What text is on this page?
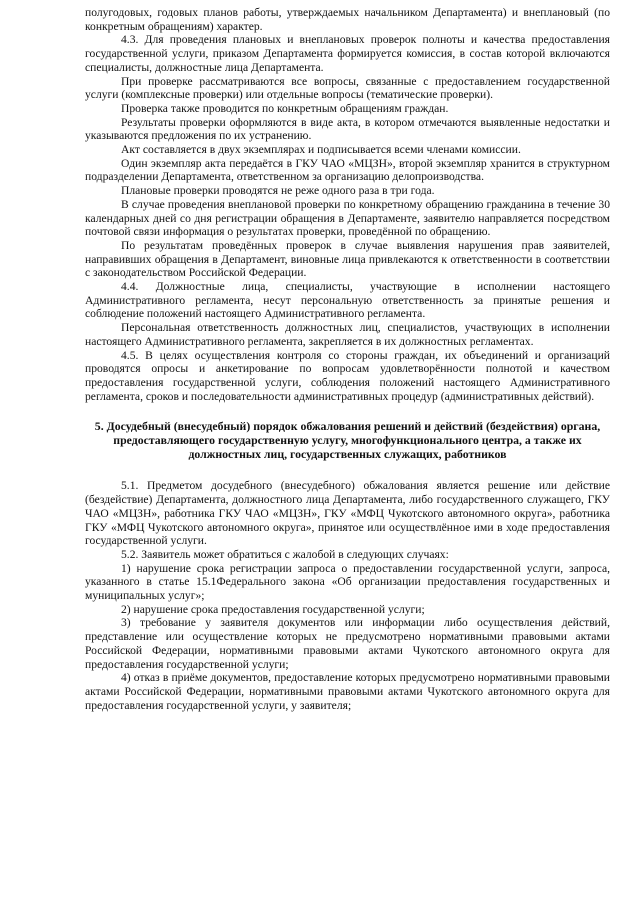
полугодовых, годовых планов работы, утверждаемых начальником Департамента) и внеплановый (по конкретным обращениям) характер.

4.3. Для проведения плановых и внеплановых проверок полноты и качества предоставления государственной услуги, приказом Департамента формируется комиссия, в состав которой включаются специалисты, должностные лица Департамента.

При проверке рассматриваются все вопросы, связанные с предоставлением государственной услуги (комплексные проверки) или отдельные вопросы (тематические проверки).

Проверка также проводится по конкретным обращениям граждан.

Результаты проверки оформляются в виде акта, в котором отмечаются выявленные недостатки и указываются предложения по их устранению.

Акт составляется в двух экземплярах и подписывается всеми членами комиссии.

Один экземпляр акта передаётся в ГКУ ЧАО «МЦЗН», второй экземпляр хранится в структурном подразделении Департамента, ответственном за организацию делопроизводства.

Плановые проверки проводятся не реже одного раза в три года.

В случае проведения внеплановой проверки по конкретному обращению гражданина в течение 30 календарных дней со дня регистрации обращения в Департаменте, заявителю направляется посредством почтовой связи информация о результатах проверки, проведённой по обращению.

По результатам проведённых проверок в случае выявления нарушения прав заявителей, направивших обращения в Департамент, виновные лица привлекаются к ответственности в соответствии с законодательством Российской Федерации.

4.4. Должностные лица, специалисты, участвующие в исполнении настоящего Административного регламента, несут персональную ответственность за принятые решения и соблюдение положений настоящего Административного регламента.

Персональная ответственность должностных лиц, специалистов, участвующих в исполнении настоящего Административного регламента, закрепляется в их должностных регламентах.

4.5. В целях осуществления контроля со стороны граждан, их объединений и организаций проводятся опросы и анкетирование по вопросам удовлетворённости полнотой и качеством предоставления государственной услуги, соблюдения положений настоящего Административного регламента, сроков и последовательности административных процедур (административных действий).

5. Досудебный (внесудебный) порядок обжалования решений и действий (бездействия) органа, предоставляющего государственную услугу, многофункционального центра, а также их должностных лиц, государственных служащих, работников

5.1. Предметом досудебного (внесудебного) обжалования является решение или действие (бездействие) Департамента, должностного лица Департамента, либо государственного служащего, ГКУ ЧАО «МЦЗН», работника ГКУ ЧАО «МЦЗН», ГКУ «МФЦ Чукотского автономного округа», работника ГКУ «МФЦ Чукотского автономного округа», принятое или осуществлённое ими в ходе предоставления государственной услуги.

5.2. Заявитель может обратиться с жалобой в следующих случаях:

1) нарушение срока регистрации запроса о предоставлении государственной услуги, запроса, указанного в статье 15.1Федерального закона «Об организации предоставления государственных и муниципальных услуг»;

2) нарушение срока предоставления государственной услуги;

3) требование у заявителя документов или информации либо осуществления действий, представление или осуществление которых не предусмотрено нормативными правовыми актами Российской Федерации, нормативными правовыми актами Чукотского автономного округа для предоставления государственной услуги;

4) отказ в приёме документов, предоставление которых предусмотрено нормативными правовыми актами Российской Федерации, нормативными правовыми актами Чукотского автономного округа для предоставления государственной услуги, у заявителя;
